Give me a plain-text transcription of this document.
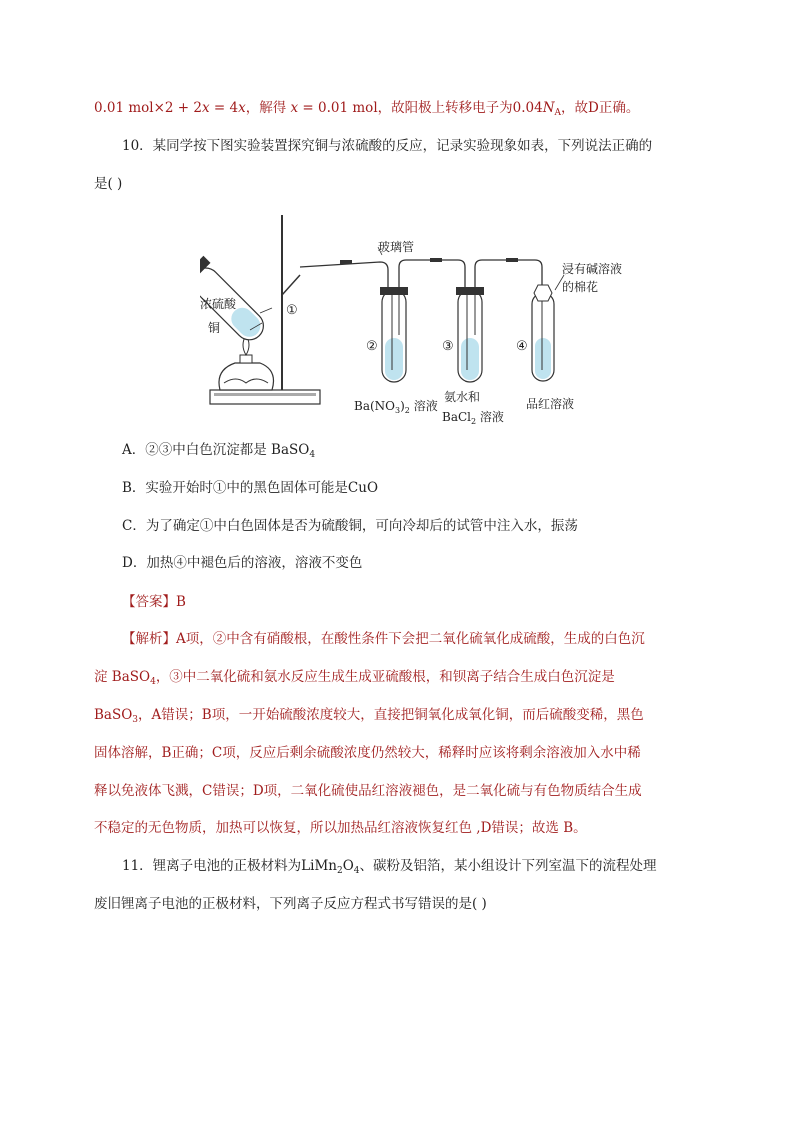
0.01 mol×2 + 2x = 4x，解得 x = 0.01 mol，故阳极上转移电子为$0.04N_A$，故D正确。
10．某同学按下图实验装置探究铜与浓硫酸的反应，记录实验现象如表，下列说法正确的
是( )
玻璃管
浓硫酸
铜
浸有碱溶液
的棉花
①
②	③	④
$Ba(NO_3)_2$ 溶液
氨水和
BaCl$_2$ 溶液
品红溶液
A．②③中白色沉淀都是 BaSO$_4$
B．实验开始时①中的黑色固体可能是CuO
C．为了确定①中白色固体是否为硫酸铜，可向冷却后的试管中注入水，振荡
D．加热④中褪色后的溶液，溶液不变色
【答案】B
【解析】A项，②中含有硝酸根，在酸性条件下会把二氧化硫氧化成硫酸，生成的白色沉
淀 BaSO$_4$，③中二氧化硫和氨水反应生成生成亚硫酸根，和钡离子结合生成白色沉淀是
BaSO$_3$，A错误；B项，一开始硫酸浓度较大，直接把铜氧化成氧化铜，而后硫酸变稀，黑色
固体溶解，B正确；C项，反应后剩余硫酸浓度仍然较大，稀释时应该将剩余溶液加入水中稀
释以免液体飞溅，C错误；D项，二氧化硫使品红溶液褪色，是二氧化硫与有色物质结合生成
不稳定的无色物质，加热可以恢复，所以加热品红溶液恢复红色 ,D错误；故选 B。
11．锂离子电池的正极材料为$LiMn_2O_4$、碳粉及铝箔，某小组设计下列室温下的流程处理
废旧锂离子电池的正极材料，下列离子反应方程式书写错误的是( )
